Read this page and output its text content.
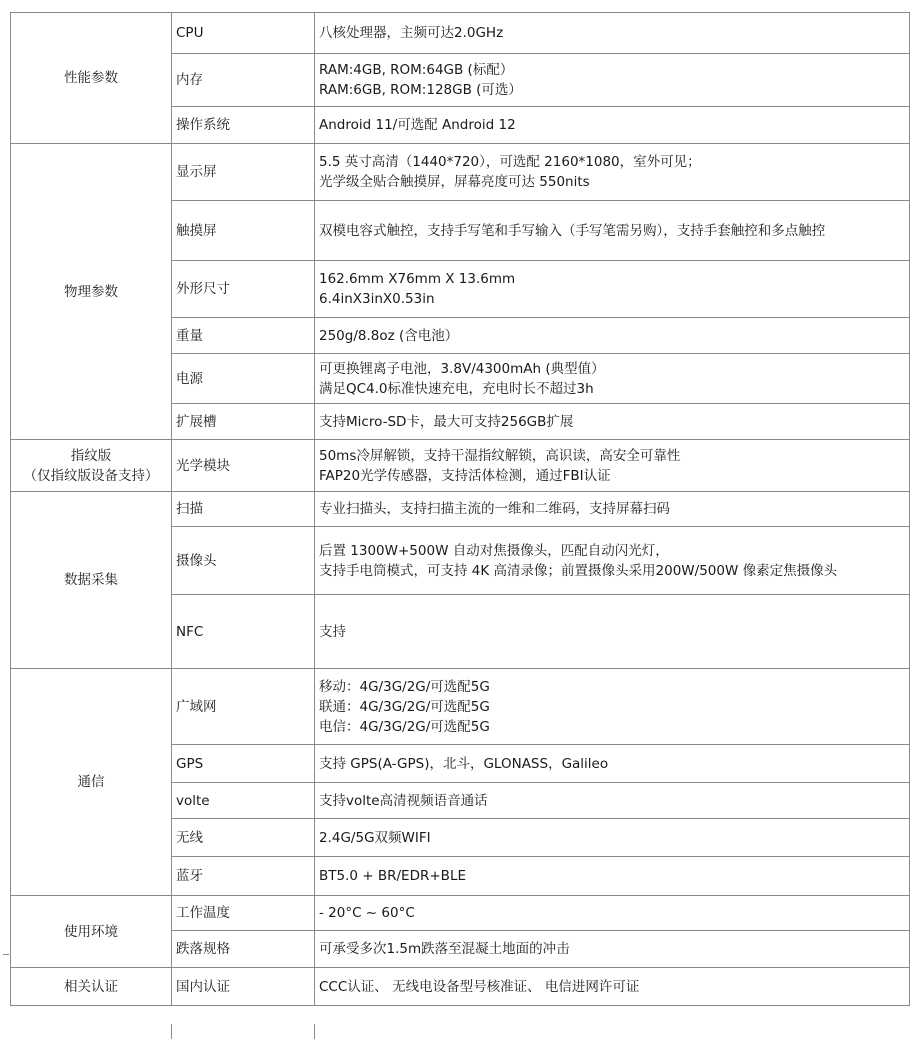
性能参数	CPU	八核处理器，主频可达2.0GHz

	内存	RAM:4GB, ROM:64GB (标配）
RAM:6GB, ROM:128GB (可选）

	操作系统	Android 11/可选配 Android 12

物理参数	显示屏	5.5 英寸高清（1440*720），可选配 2160*1080，室外可见；
光学级全贴合触摸屏，屏幕亮度可达 550nits

	触摸屏	双模电容式触控，支持手写笔和手写输入（手写笔需另购），支持手套触控和多点触控

	外形尺寸	162.6mm X76mm X 13.6mm
6.4inX3inX0.53in

	重量	250g/8.8oz (含电池）

	电源	可更换锂离子电池，3.8V/4300mAh (典型值）
满足QC4.0标准快速充电，充电时长不超过3h

	扩展槽	支持Micro-SD卡，最大可支持256GB扩展

指纹版
（仅指纹版设备支持）	光学模块	50ms冷屏解锁，支持干湿指纹解锁，高识读，高安全可靠性
FAP20光学传感器，支持活体检测，通过FBI认证

数据采集	扫描	专业扫描头，支持扫描主流的一维和二维码，支持屏幕扫码

	摄像头	后置 1300W+500W 自动对焦摄像头，匹配自动闪光灯，
支持手电筒模式，可支持 4K 高清录像；前置摄像头采用200W/500W 像素定焦摄像头

	NFC	支持

通信	广域网	移动：4G/3G/2G/可选配5G
联通：4G/3G/2G/可选配5G
电信：4G/3G/2G/可选配5G

	GPS	支持 GPS(A-GPS)，北斗，GLONASS，Galileo

	volte	支持volte高清视频语音通话

	无线	2.4G/5G双频WIFI

	蓝牙	BT5.0 + BR/EDR+BLE

使用环境	工作温度	- 20°C ~ 60°C

	跌落规格	可承受多次1.5m跌落至混凝土地面的冲击

相关认证	国内认证	CCC认证、 无线电设备型号核准证、 电信进网许可证
